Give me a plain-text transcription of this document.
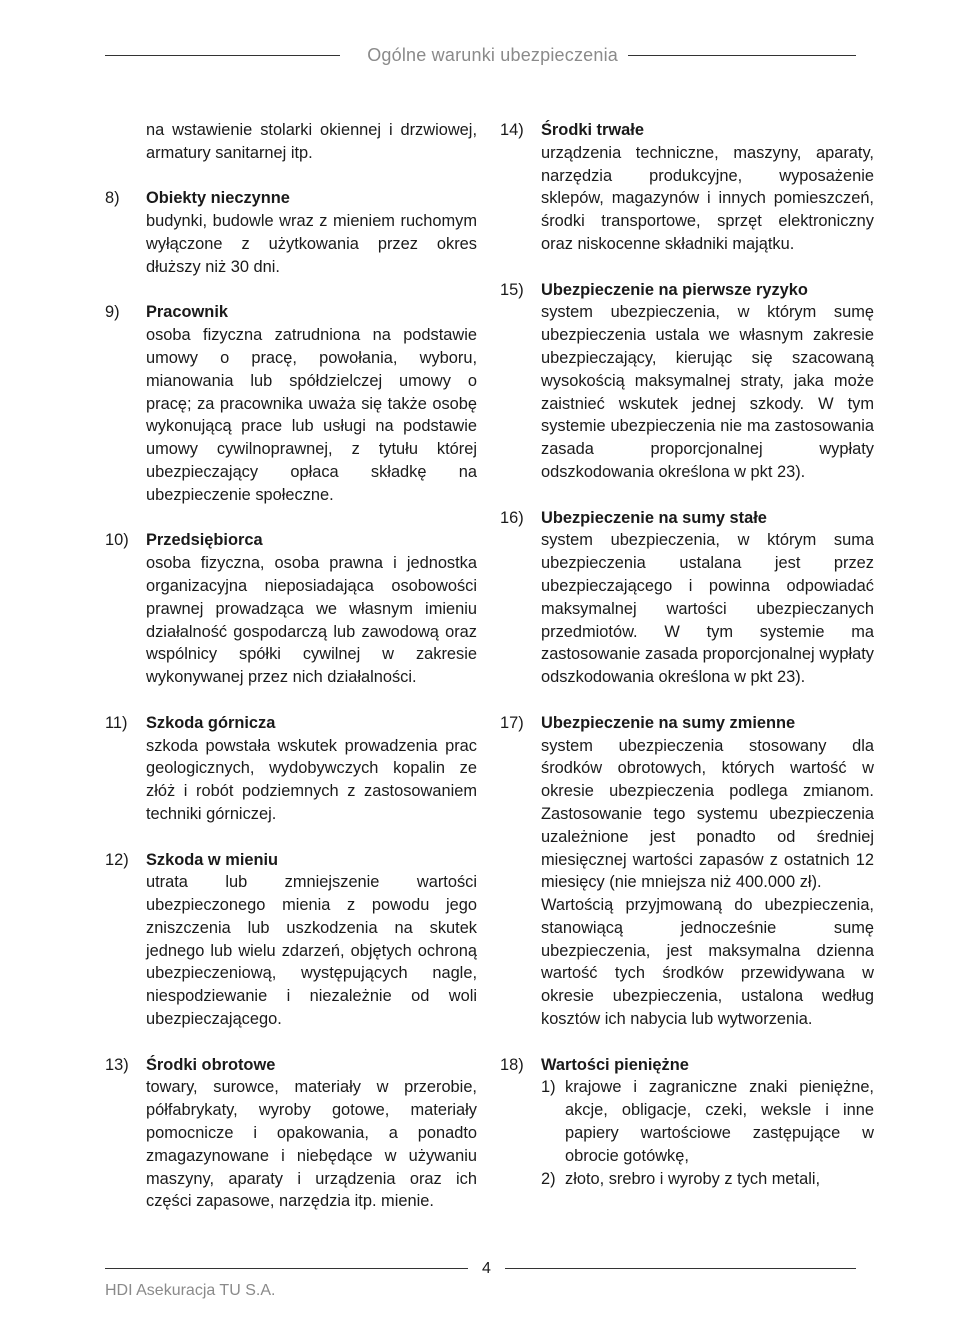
Ogólne warunki ubezpieczenia
na wstawienie stolarki okiennej i drzwiowej, armatury sanitarnej itp.
8) Obiekty nieczynne
budynki, budowle wraz z mieniem ruchomym wyłączone z użytkowania przez okres dłuższy niż 30 dni.
9) Pracownik
osoba fizyczna zatrudniona na podstawie umowy o pracę, powołania, wyboru, mianowania lub spółdzielczej umowy o pracę; za pracownika uważa się także osobę wykonującą prace lub usługi na podstawie umowy cywilnoprawnej, z tytułu której ubezpieczający opłaca składkę na ubezpieczenie społeczne.
10) Przedsiębiorca
osoba fizyczna, osoba prawna i jednostka organizacyjna nieposiadająca osobowości prawnej prowadząca we własnym imieniu działalność gospodarczą lub zawodową oraz wspólnicy spółki cywilnej w zakresie wykonywanej przez nich działalności.
11) Szkoda górnicza
szkoda powstała wskutek prowadzenia prac geologicznych, wydobywczych kopalin ze złóż i robót podziemnych z zastosowaniem techniki górniczej.
12) Szkoda w mieniu
utrata lub zmniejszenie wartości ubezpieczonego mienia z powodu jego zniszczenia lub uszkodzenia na skutek jednego lub wielu zdarzeń, objętych ochroną ubezpieczeniową, występujących nagle, niespodziewanie i niezależnie od woli ubezpieczającego.
13) Środki obrotowe
towary, surowce, materiały w przerobie, półfabrykaty, wyroby gotowe, materiały pomocnicze i opakowania, a ponadto zmagazynowane i niebędące w używaniu maszyny, aparaty i urządzenia oraz ich części zapasowe, narzędzia itp. mienie.
14) Środki trwałe
urządzenia techniczne, maszyny, aparaty, narzędzia produkcyjne, wyposażenie sklepów, magazynów i innych pomieszczeń, środki transportowe, sprzęt elektroniczny oraz niskocenne składniki majątku.
15) Ubezpieczenie na pierwsze ryzyko
system ubezpieczenia, w którym sumę ubezpieczenia ustala we własnym zakresie ubezpieczający, kierując się szacowaną wysokością maksymalnej straty, jaka może zaistnieć wskutek jednej szkody. W tym systemie ubezpieczenia nie ma zastosowania zasada proporcjonalnej wypłaty odszkodowania określona w pkt 23).
16) Ubezpieczenie na sumy stałe
system ubezpieczenia, w którym suma ubezpieczenia ustalana jest przez ubezpieczającego i powinna odpowiadać maksymalnej wartości ubezpieczanych przedmiotów. W tym systemie ma zastosowanie zasada proporcjonalnej wypłaty odszkodowania określona w pkt 23).
17) Ubezpieczenie na sumy zmienne
system ubezpieczenia stosowany dla środków obrotowych, których wartość w okresie ubezpieczenia podlega zmianom. Zastosowanie tego systemu ubezpieczenia uzależnione jest ponadto od średniej miesięcznej wartości zapasów z ostatnich 12 miesięcy (nie mniejsza niż 400.000 zł).
Wartością przyjmowaną do ubezpieczenia, stanowiącą jednocześnie sumę ubezpieczenia, jest maksymalna dzienna wartość tych środków przewidywana w okresie ubezpieczenia, ustalona według kosztów ich nabycia lub wytworzenia.
18) Wartości pieniężne
1) krajowe i zagraniczne znaki pieniężne, akcje, obligacje, czeki, weksle i inne papiery wartościowe zastępujące w obrocie gotówkę,
2) złoto, srebro i wyroby z tych metali,
4
HDI Asekuracja TU S.A.
